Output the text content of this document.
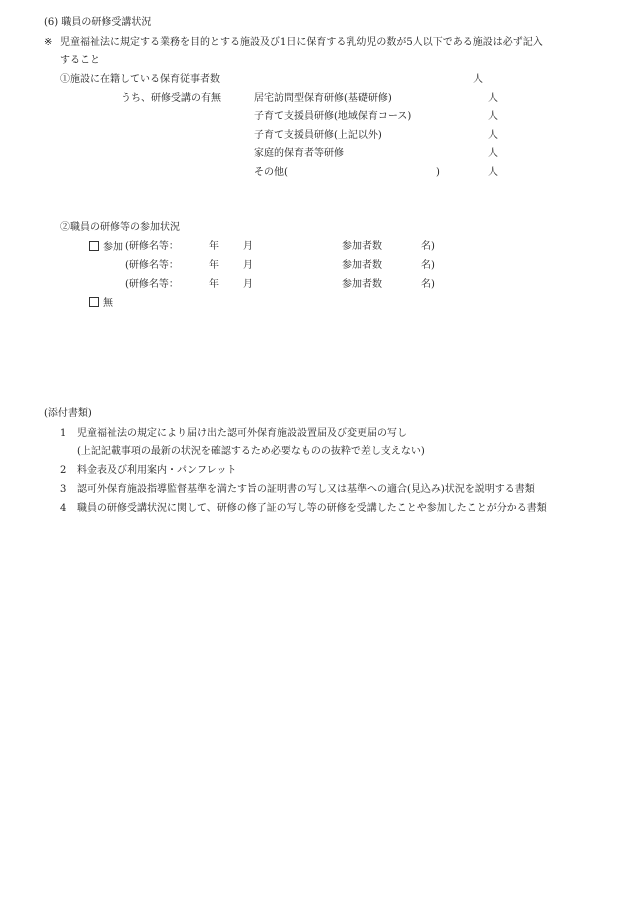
(6) 職員の研修受講状況
※ 児童福祉法に規定する業務を目的とする施設及び1日に保育する乳幼児の数が5人以下である施設は必ず記入
すること
①施設に在籍している保育従事者数	人
うち、研修受講の有無	居宅訪問型保育研修(基礎研修)	人
子育て支援員研修(地域保育コース)	人
子育て支援員研修(上記以外)	人
家庭的保育者等研修	人
その他(	)	人
②職員の研修等の参加状況
参加 (研修名等：	年 月	参加者数	名)
(研修名等：	年 月	参加者数	名)
(研修名等：	年 月	参加者数	名)
無
(添付書類)
1 児童福祉法の規定により届け出た認可外保育施設設置届及び変更届の写し
(上記記載事項の最新の状況を確認するため必要なものの抜粋で差し支えない)
2 料金表及び利用案内・パンフレット
3 認可外保育施設指導監督基準を満たす旨の証明書の写し又は基準への適合(見込み)状況を説明する書類
4 職員の研修受講状況に関して、研修の修了証の写し等の研修を受講したことや参加したことが分かる書類
